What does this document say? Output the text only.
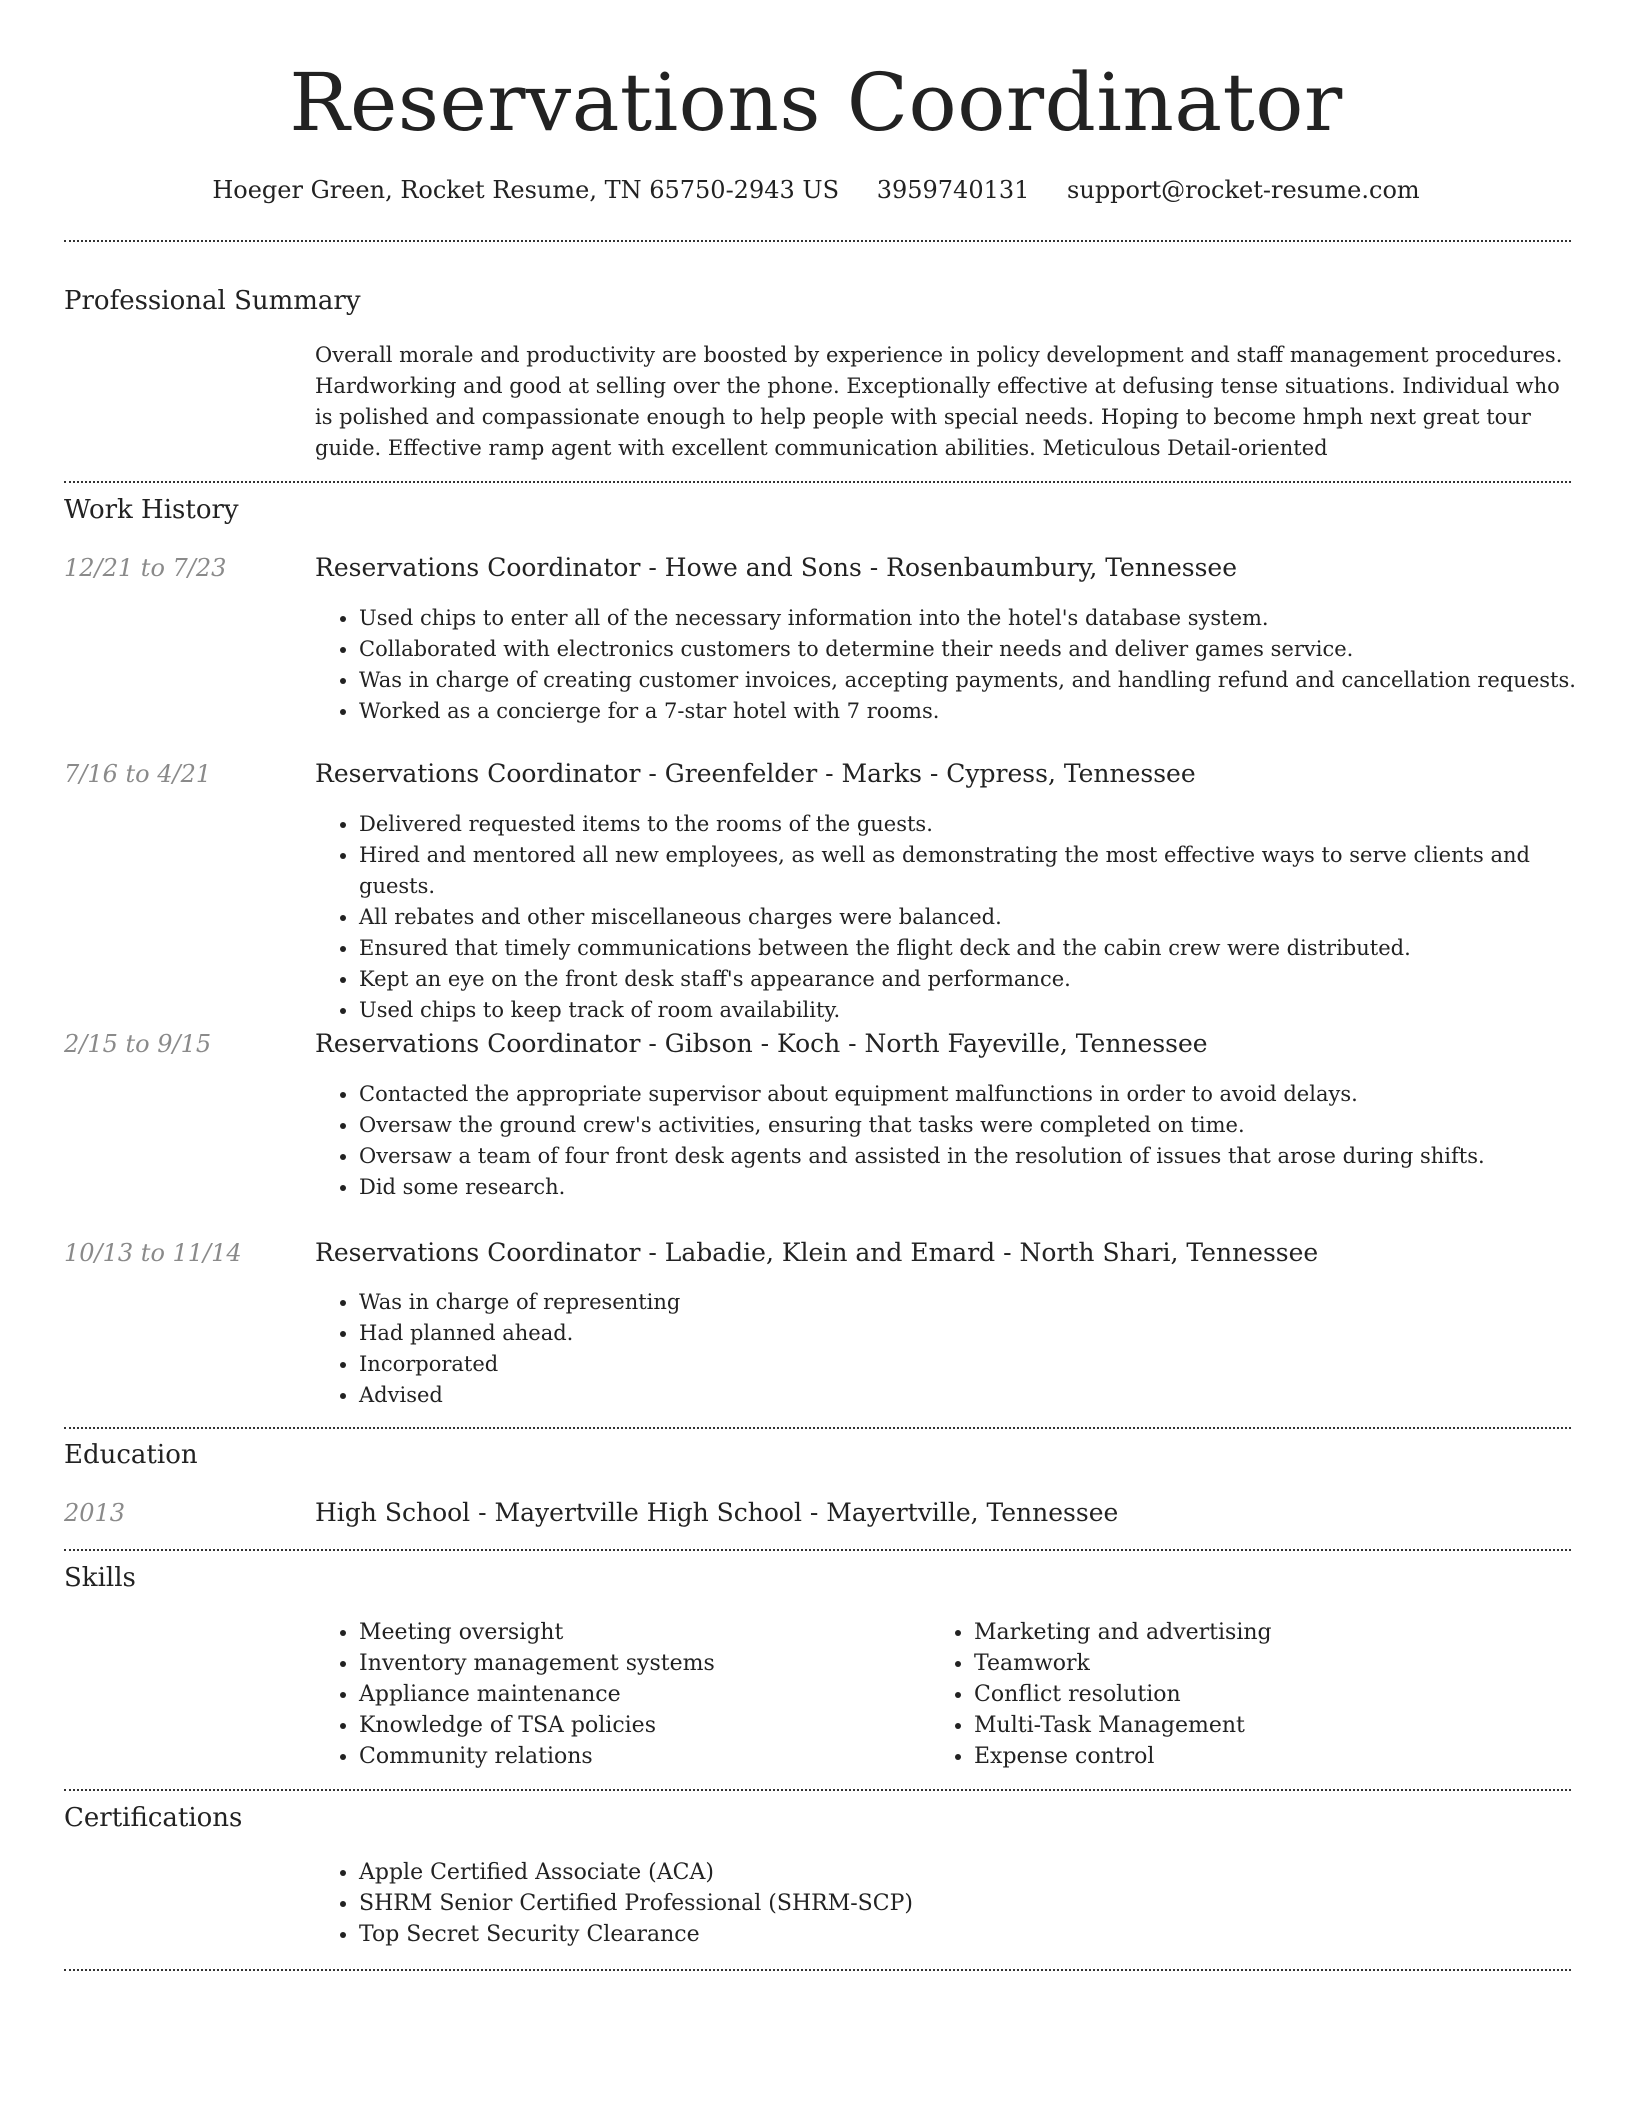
Reservations Coordinator
Hoeger Green, Rocket Resume, TN 65750-2943 US 3959740131 support@rocket-resume.com
Professional Summary
Overall morale and productivity are boosted by experience in policy development and staff management procedures. Hardworking and good at selling over the phone. Exceptionally effective at defusing tense situations. Individual who is polished and compassionate enough to help people with special needs. Hoping to become hmph next great tour guide. Effective ramp agent with excellent communication abilities. Meticulous Detail-oriented
Work History
12/21 to 7/23	Reservations Coordinator - Howe and Sons - Rosenbaumbury, Tennessee
• Used chips to enter all of the necessary information into the hotel's database system.
• Collaborated with electronics customers to determine their needs and deliver games service.
• Was in charge of creating customer invoices, accepting payments, and handling refund and cancellation requests.
• Worked as a concierge for a 7-star hotel with 7 rooms.
7/16 to 4/21	Reservations Coordinator - Greenfelder - Marks - Cypress, Tennessee
• Delivered requested items to the rooms of the guests.
• Hired and mentored all new employees, as well as demonstrating the most effective ways to serve clients and guests.
• All rebates and other miscellaneous charges were balanced.
• Ensured that timely communications between the flight deck and the cabin crew were distributed.
• Kept an eye on the front desk staff's appearance and performance.
• Used chips to keep track of room availability.
2/15 to 9/15	Reservations Coordinator - Gibson - Koch - North Fayeville, Tennessee
• Contacted the appropriate supervisor about equipment malfunctions in order to avoid delays.
• Oversaw the ground crew's activities, ensuring that tasks were completed on time.
• Oversaw a team of four front desk agents and assisted in the resolution of issues that arose during shifts.
• Did some research.
10/13 to 11/14	Reservations Coordinator - Labadie, Klein and Emard - North Shari, Tennessee
• Was in charge of representing
• Had planned ahead.
• Incorporated
• Advised
Education
2013	High School - Mayertville High School - Mayertville, Tennessee
Skills
• Meeting oversight
• Inventory management systems
• Appliance maintenance
• Knowledge of TSA policies
• Community relations
• Marketing and advertising
• Teamwork
• Conflict resolution
• Multi-Task Management
• Expense control
Certifications
• Apple Certified Associate (ACA)
• SHRM Senior Certified Professional (SHRM-SCP)
• Top Secret Security Clearance
